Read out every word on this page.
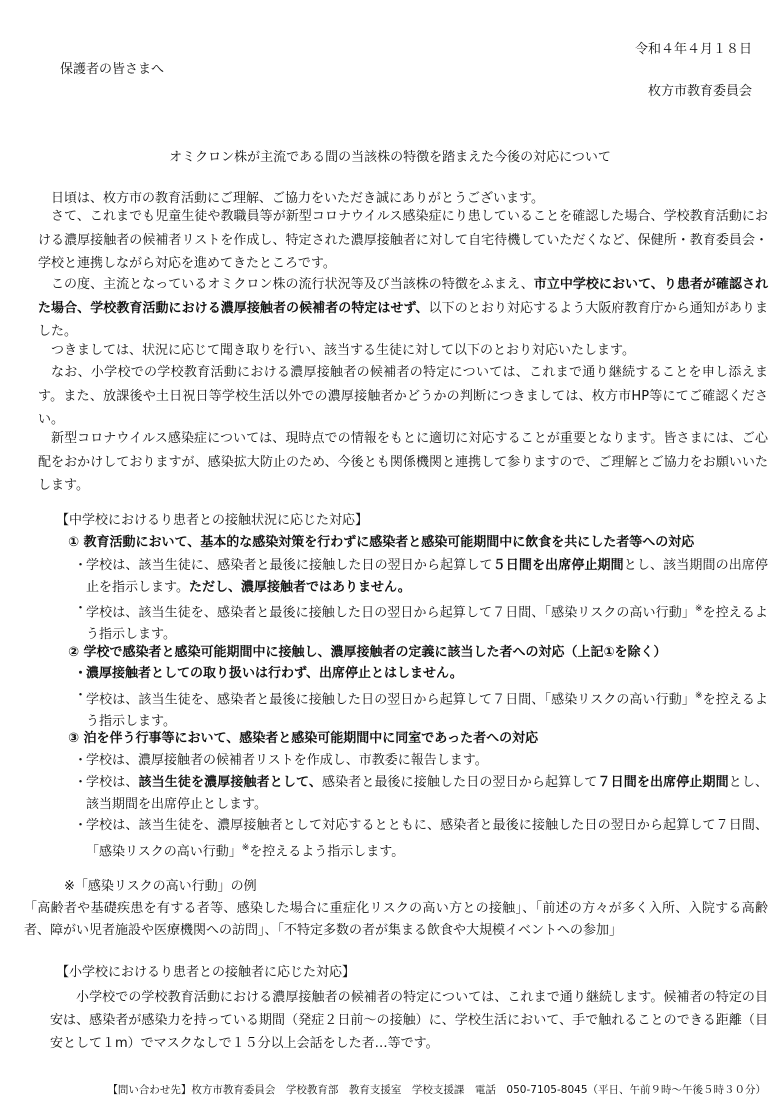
令和４年４月１８日
保護者の皆さまへ
枚方市教育委員会
オミクロン株が主流である間の当該株の特徴を踏まえた今後の対応について
日頃は、枚方市の教育活動にご理解、ご協力をいただき誠にありがとうございます。
さて、これまでも児童生徒や教職員等が新型コロナウイルス感染症にり患していることを確認した場合、学校教育活動における濃厚接触者の候補者リストを作成し、特定された濃厚接触者に対して自宅待機していただくなど、保健所・教育委員会・学校と連携しながら対応を進めてきたところです。
この度、主流となっているオミクロン株の流行状況等及び当該株の特徴をふまえ、市立中学校において、り患者が確認された場合、学校教育活動における濃厚接触者の候補者の特定はせず、以下のとおり対応するよう大阪府教育庁から通知がありました。
つきましては、状況に応じて聞き取りを行い、該当する生徒に対して以下のとおり対応いたします。
なお、小学校での学校教育活動における濃厚接触者の候補者の特定については、これまで通り継続することを申し添えます。また、放課後や土日祝日等学校生活以外での濃厚接触者かどうかの判断につきましては、枚方市HP等にてご確認ください。
新型コロナウイルス感染症については、現時点での情報をもとに適切に対応することが重要となります。皆さまには、ご心配をおかけしておりますが、感染拡大防止のため、今後とも関係機関と連携して参りますので、ご理解とご協力をお願いいたします。
【中学校におけるり患者との接触状況に応じた対応】
① 教育活動において、基本的な感染対策を行わずに感染者と感染可能期間中に飲食を共にした者等への対応
・
学校は、該当生徒に、感染者と最後に接触した日の翌日から起算して５日間を出席停止期間とし、該当期間の出席停止を指示します。ただし、濃厚接触者ではありません。
・
学校は、該当生徒を、感染者と最後に接触した日の翌日から起算して７日間、「感染リスクの高い行動」※を控えるよう指示します。
② 学校で感染者と感染可能期間中に接触し、濃厚接触者の定義に該当した者への対応（上記①を除く）
・
濃厚接触者としての取り扱いは行わず、出席停止とはしません。
・
学校は、該当生徒を、感染者と最後に接触した日の翌日から起算して７日間、「感染リスクの高い行動」※を控えるよう指示します。
③ 泊を伴う行事等において、感染者と感染可能期間中に同室であった者への対応
・
学校は、濃厚接触者の候補者リストを作成し、市教委に報告します。
・
学校は、該当生徒を濃厚接触者として、感染者と最後に接触した日の翌日から起算して７日間を出席停止期間とし、該当期間を出席停止とします。
・
学校は、該当生徒を、濃厚接触者として対応するとともに、感染者と最後に接触した日の翌日から起算して７日間、「感染リスクの高い行動」※を控えるよう指示します。
※「感染リスクの高い行動」の例
「高齢者や基礎疾患を有する者等、感染した場合に重症化リスクの高い方との接触」、「前述の方々が多く入所、入院する高齢者、障がい児者施設や医療機関への訪問」、「不特定多数の者が集まる飲食や大規模イベントへの参加」
【小学校におけるり患者との接触者に応じた対応】
小学校での学校教育活動における濃厚接触者の候補者の特定については、これまで通り継続します。候補者の特定の目安は、感染者が感染力を持っている期間（発症２日前～の接触）に、学校生活において、手で触れることのできる距離（目安として１m）でマスクなしで１５分以上会話をした者…等です。
【問い合わせ先】枚方市教育委員会　学校教育部　教育支援室　学校支援課　電話　050-7105-8045（平日、午前９時～午後５時３０分）
